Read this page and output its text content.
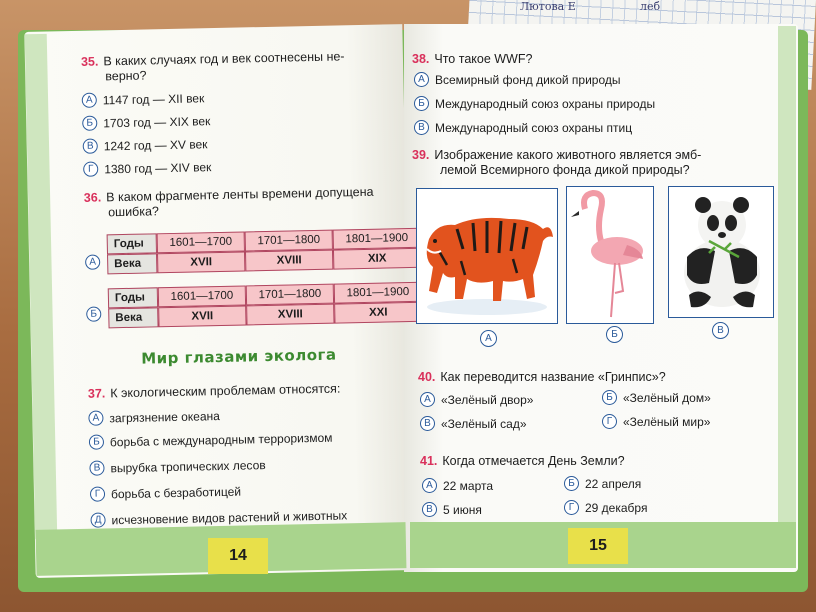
Лютова Е	леб
14
15
35. В каких случаях год и век соотнесены не-
верно?
А 1147 год — XII век
Б 1703 год — XIX век
В 1242 год — XV век
Г 1380 год — XIV век
36. В каком фрагменте ленты времени допущена
ошибка?
А
Годы	1601—1700	1701—1800	1801—1900
Века	XVII	XVIII	XIX
Б
Годы	1601—1700	1701—1800	1801—1900
Века	XVII	XVIII	XXI
Мир глазами эколога
37. К экологическим проблемам относятся:
А загрязнение океана
Б борьба с международным терроризмом
В вырубка тропических лесов
Г борьба с безработицей
Д исчезновение видов растений и животных
38. Что такое WWF?
А Всемирный фонд дикой природы
Б Международный союз охраны природы
В Международный союз охраны птиц
39. Изображение какого животного является эмб-
лемой Всемирного фонда дикой природы?
А	Б	В
40. Как переводится название «Гринпис»?
А «Зелёный двор»	Б «Зелёный дом»
В «Зелёный сад»	Г «Зелёный мир»
41. Когда отмечается День Земли?
А 22 марта	Б 22 апреля
В 5 июня	Г 29 декабря
